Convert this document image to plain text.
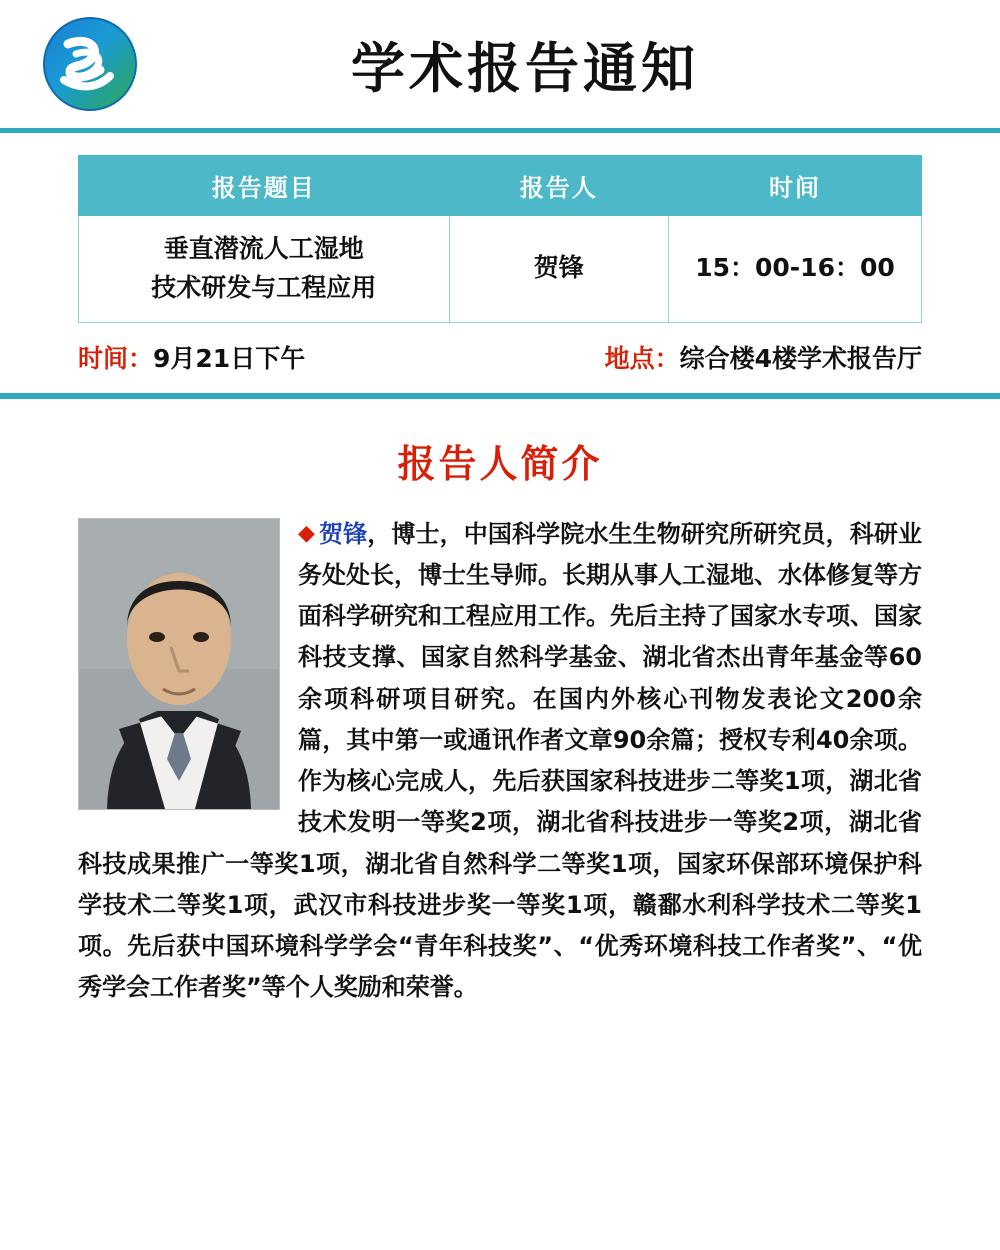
学术报告通知
报告题目	报告人	时间

垂直潜流人工湿地
技术研发与工程应用	贺锋	15：00-16：00
时间：9月21日下午	地点：综合楼4楼学术报告厅
报告人简介

◆ 贺锋，博士，中国科学院水生生物研究所研究员，科研业务处处长，博士生导师。长期从事人工湿地、水体修复等方面科学研究和工程应用工作。先后主持了国家水专项、国家科技支撑、国家自然科学基金、湖北省杰出青年基金等60余项科研项目研究。在国内外核心刊物发表论文200余篇，其中第一或通讯作者文章90余篇；授权专利40余项。作为核心完成人，先后获国家科技进步二等奖1项，湖北省技术发明一等奖2项，湖北省科技进步一等奖2项，湖北省科技成果推广一等奖1项，湖北省自然科学二等奖1项，国家环保部环境保护科学技术二等奖1项，武汉市科技进步奖一等奖1项，赣鄱水利科学技术二等奖1项。先后获中国环境科学学会“青年科技奖”、“优秀环境科技工作者奖”、“优秀学会工作者奖”等个人奖励和荣誉。
